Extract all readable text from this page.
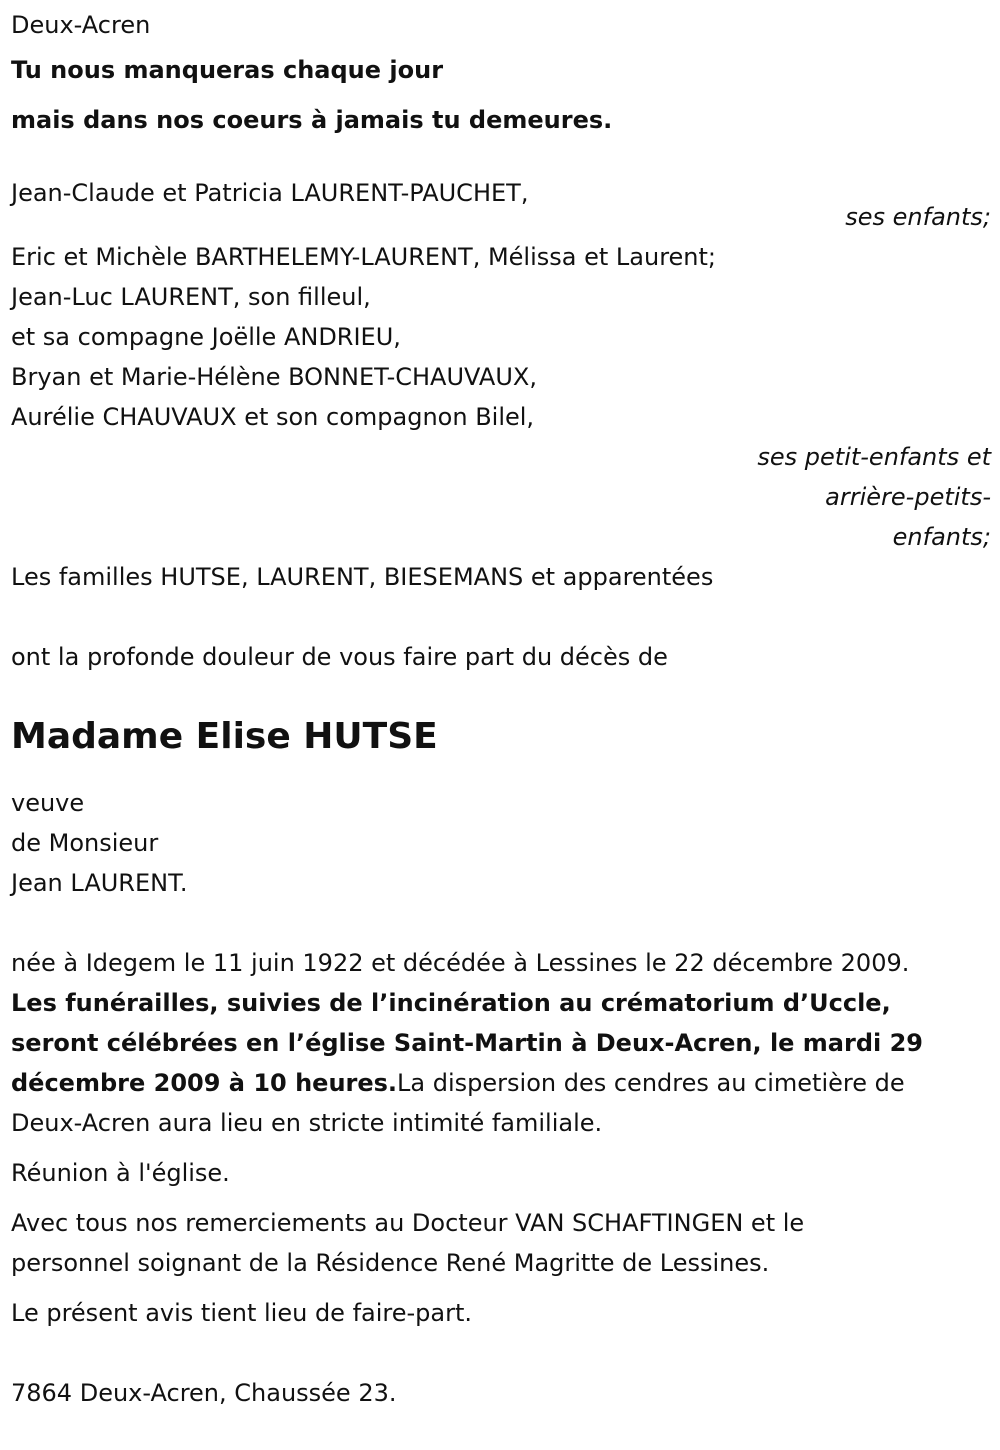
Deux-Acren
Tu nous manqueras chaque jour
mais dans nos coeurs à jamais tu demeures.
Jean-Claude et Patricia LAURENT-PAUCHET,
ses enfants;
Eric et Michèle BARTHELEMY-LAURENT, Mélissa et Laurent;
Jean-Luc LAURENT, son filleul,
et sa compagne Joëlle ANDRIEU,
Bryan et Marie-Hélène BONNET-CHAUVAUX,
Aurélie CHAUVAUX et son compagnon Bilel,
ses petit-enfants et
arrière-petits-
enfants;
Les familles HUTSE, LAURENT, BIESEMANS et apparentées
ont la profonde douleur de vous faire part du décès de
Madame Elise HUTSE
veuve
de Monsieur
Jean LAURENT.
née à Idegem le 11 juin 1922 et décédée à Lessines le 22 décembre 2009.
Les funérailles, suivies de l’incinération au crématorium d’Uccle, seront célébrées en l’église Saint-Martin à Deux-Acren, le mardi 29 décembre 2009 à 10 heures.La dispersion des cendres au cimetière de Deux-Acren aura lieu en stricte intimité familiale.
Réunion à l'église.
Avec tous nos remerciements au Docteur VAN SCHAFTINGEN et le personnel soignant de la Résidence René Magritte de Lessines.
Le présent avis tient lieu de faire-part.
7864 Deux-Acren, Chaussée 23.
